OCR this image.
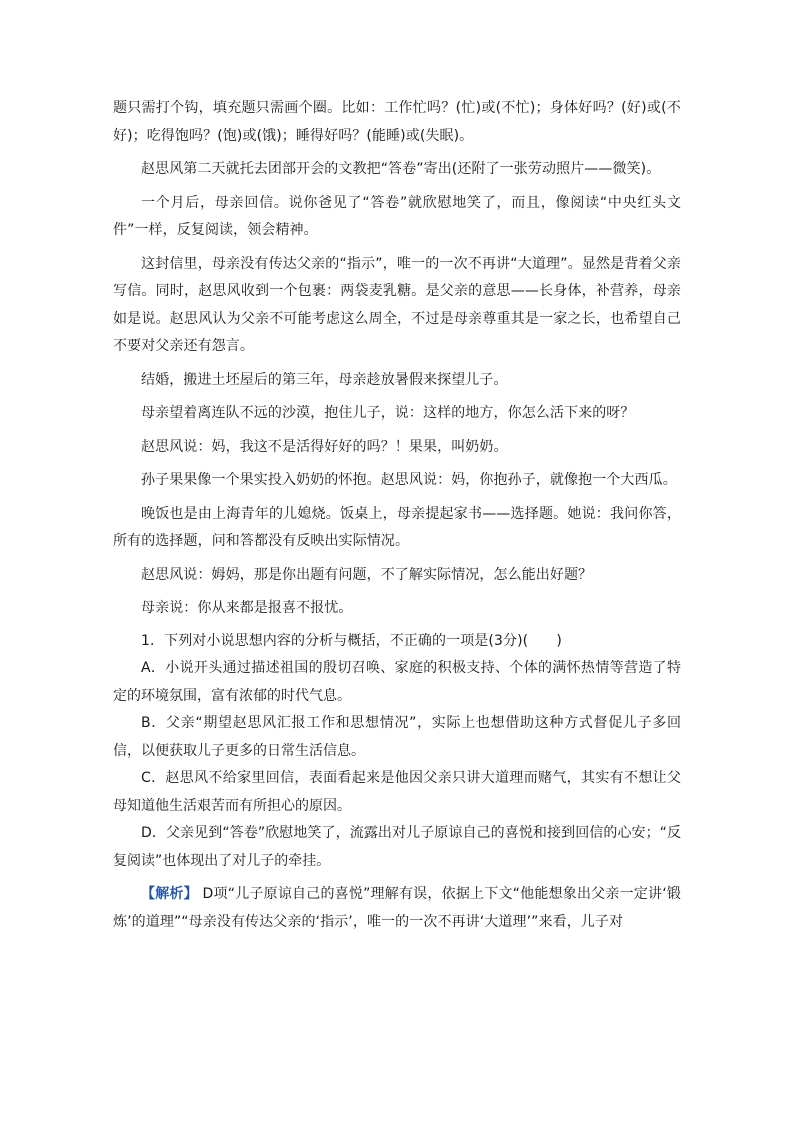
题只需打个钩，填充题只需画个圈。比如：工作忙吗？(忙)或(不忙)；身体好吗？(好)或(不好)；吃得饱吗？(饱)或(饿)；睡得好吗？(能睡)或(失眠)。

赵思风第二天就托去团部开会的文教把“答卷”寄出(还附了一张劳动照片——微笑)。

一个月后，母亲回信。说你爸见了“答卷”就欣慰地笑了，而且，像阅读“中央红头文件”一样，反复阅读，领会精神。

这封信里，母亲没有传达父亲的“指示”，唯一的一次不再讲“大道理”。显然是背着父亲写信。同时，赵思风收到一个包裹：两袋麦乳糖。是父亲的意思——长身体，补营养，母亲如是说。赵思风认为父亲不可能考虑这么周全，不过是母亲尊重其是一家之长，也希望自己不要对父亲还有怨言。

结婚，搬进土坯屋后的第三年，母亲趁放暑假来探望儿子。

母亲望着离连队不远的沙漠，抱住儿子，说：这样的地方，你怎么活下来的呀？

赵思风说：妈，我这不是活得好好的吗？！果果，叫奶奶。

孙子果果像一个果实投入奶奶的怀抱。赵思风说：妈，你抱孙子，就像抱一个大西瓜。

晚饭也是由上海青年的儿媳烧。饭桌上，母亲提起家书——选择题。她说：我问你答，所有的选择题，问和答都没有反映出实际情况。

赵思风说：姆妈，那是你出题有问题，不了解实际情况，怎么能出好题？

母亲说：你从来都是报喜不报忧。

1．下列对小说思想内容的分析与概括，不正确的一项是(3分)(　　)

A．小说开头通过描述祖国的殷切召唤、家庭的积极支持、个体的满怀热情等营造了特定的环境氛围，富有浓郁的时代气息。

B．父亲“期望赵思风汇报工作和思想情况”，实际上也想借助这种方式督促儿子多回信，以便获取儿子更多的日常生活信息。

C．赵思风不给家里回信，表面看起来是他因父亲只讲大道理而赌气，其实有不想让父母知道他生活艰苦而有所担心的原因。

D．父亲见到“答卷”欣慰地笑了，流露出对儿子原谅自己的喜悦和接到回信的心安；“反复阅读”也体现出了对儿子的牵挂。

【解析】 D项“儿子原谅自己的喜悦”理解有误，依据上下文“他能想象出父亲一定讲‘锻炼’的道理”“母亲没有传达父亲的‘指示’，唯一的一次不再讲‘大道理’”来看，儿子对
